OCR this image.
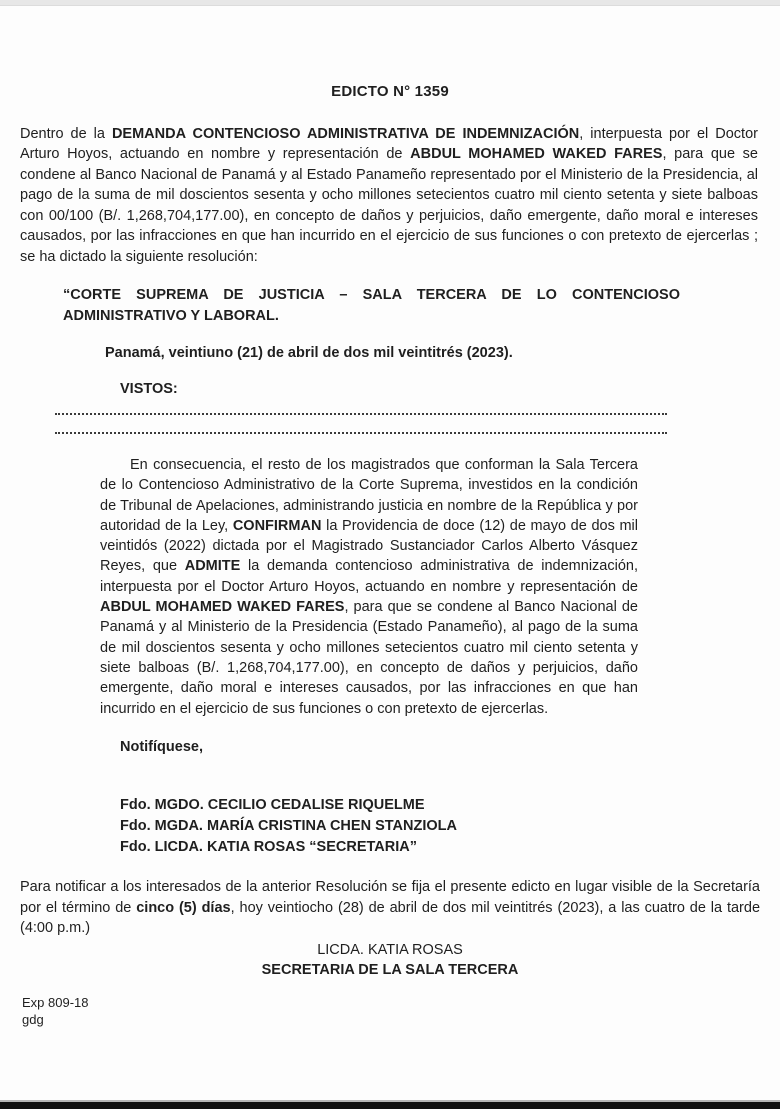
EDICTO N° 1359

Dentro de la DEMANDA CONTENCIOSO ADMINISTRATIVA DE INDEMNIZACIÓN, interpuesta por el Doctor Arturo Hoyos, actuando en nombre y representación de ABDUL MOHAMED WAKED FARES, para que se condene al Banco Nacional de Panamá y al Estado Panameño representado por el Ministerio de la Presidencia, al pago de la suma de mil doscientos sesenta y ocho millones setecientos cuatro mil ciento setenta y siete balboas con 00/100 (B/. 1,268,704,177.00), en concepto de daños y perjuicios, daño emergente, daño moral e intereses causados, por las infracciones en que han incurrido en el ejercicio de sus funciones o con pretexto de ejercerlas ; se ha dictado la siguiente resolución:

“CORTE SUPREMA DE JUSTICIA – SALA TERCERA DE LO CONTENCIOSO ADMINISTRATIVO Y LABORAL.

Panamá, veintiuno (21) de abril de dos mil veintitrés (2023).

VISTOS:

En consecuencia, el resto de los magistrados que conforman la Sala Tercera de lo Contencioso Administrativo de la Corte Suprema, investidos en la condición de Tribunal de Apelaciones, administrando justicia en nombre de la República y por autoridad de la Ley, CONFIRMAN la Providencia de doce (12) de mayo de dos mil veintidós (2022) dictada por el Magistrado Sustanciador Carlos Alberto Vásquez Reyes, que ADMITE la demanda contencioso administrativa de indemnización, interpuesta por el Doctor Arturo Hoyos, actuando en nombre y representación de ABDUL MOHAMED WAKED FARES, para que se condene al Banco Nacional de Panamá y al Ministerio de la Presidencia (Estado Panameño), al pago de la suma de mil doscientos sesenta y ocho millones setecientos cuatro mil ciento setenta y siete balboas (B/. 1,268,704,177.00), en concepto de daños y perjuicios, daño emergente, daño moral e intereses causados, por las infracciones en que han incurrido en el ejercicio de sus funciones o con pretexto de ejercerlas.

Notifíquese,

Fdo. MGDO. CECILIO CEDALISE RIQUELME
Fdo. MGDA. MARÍA CRISTINA CHEN STANZIOLA
Fdo. LICDA. KATIA ROSAS “SECRETARIA”

Para notificar a los interesados de la anterior Resolución se fija el presente edicto en lugar visible de la Secretaría por el término de cinco (5) días, hoy veintiocho (28) de abril de dos mil veintitrés (2023), a las cuatro de la tarde (4:00 p.m.)

LICDA. KATIA ROSAS

SECRETARIA DE LA SALA TERCERA

Exp 809-18

gdg
